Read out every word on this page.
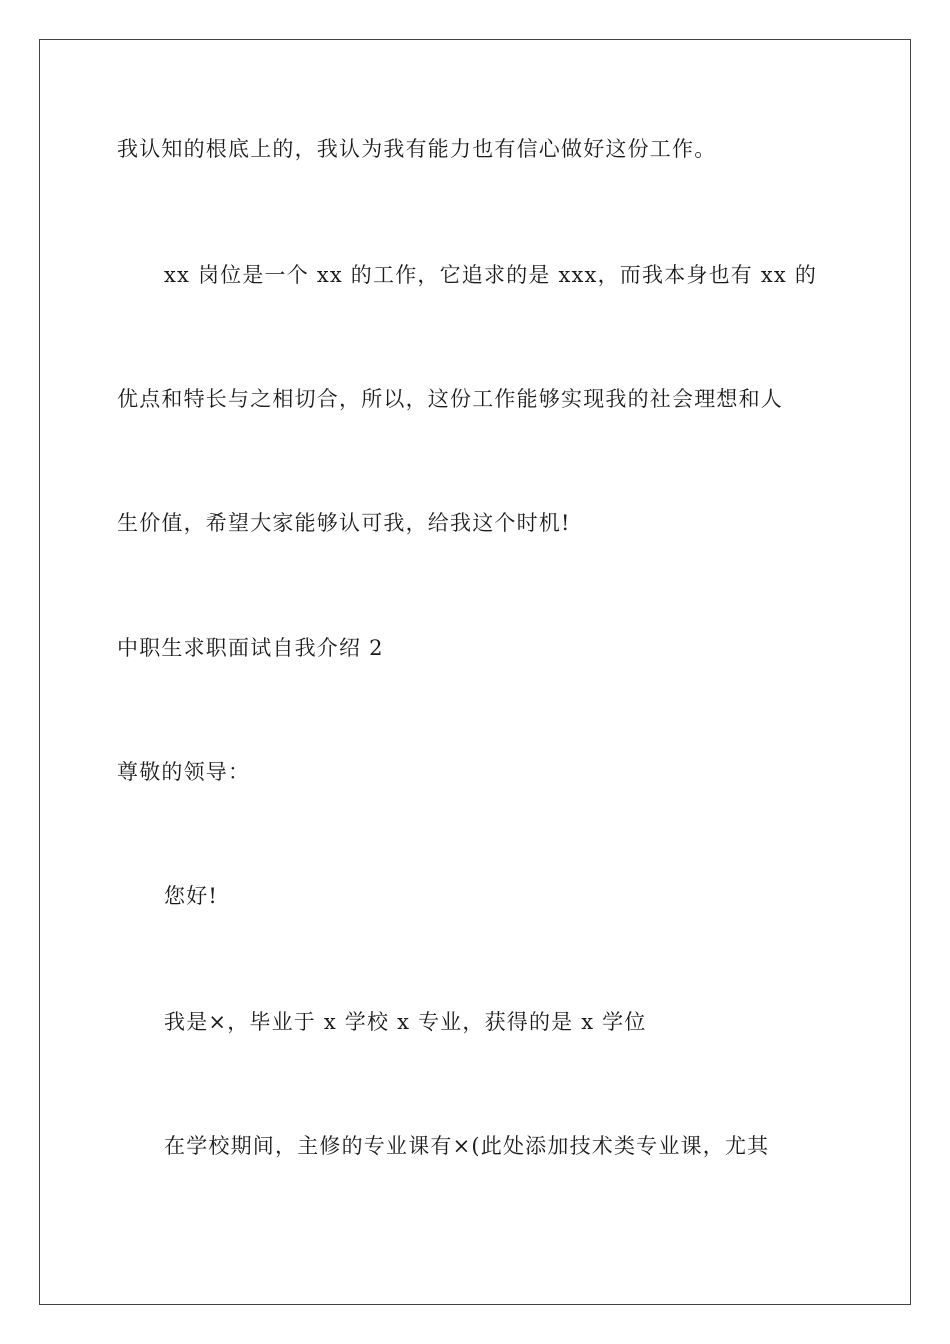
我认知的根底上的，我认为我有能力也有信心做好这份工作。

xx 岗位是一个 xx 的工作，它追求的是 xxx，而我本身也有 xx 的

优点和特长与之相切合，所以，这份工作能够实现我的社会理想和人

生价值，希望大家能够认可我，给我这个时机!

中职生求职面试自我介绍 2

尊敬的领导：

您好!

我是×，毕业于 x 学校 x 专业，获得的是 x 学位

在学校期间，主修的专业课有×(此处添加技术类专业课，尤其
